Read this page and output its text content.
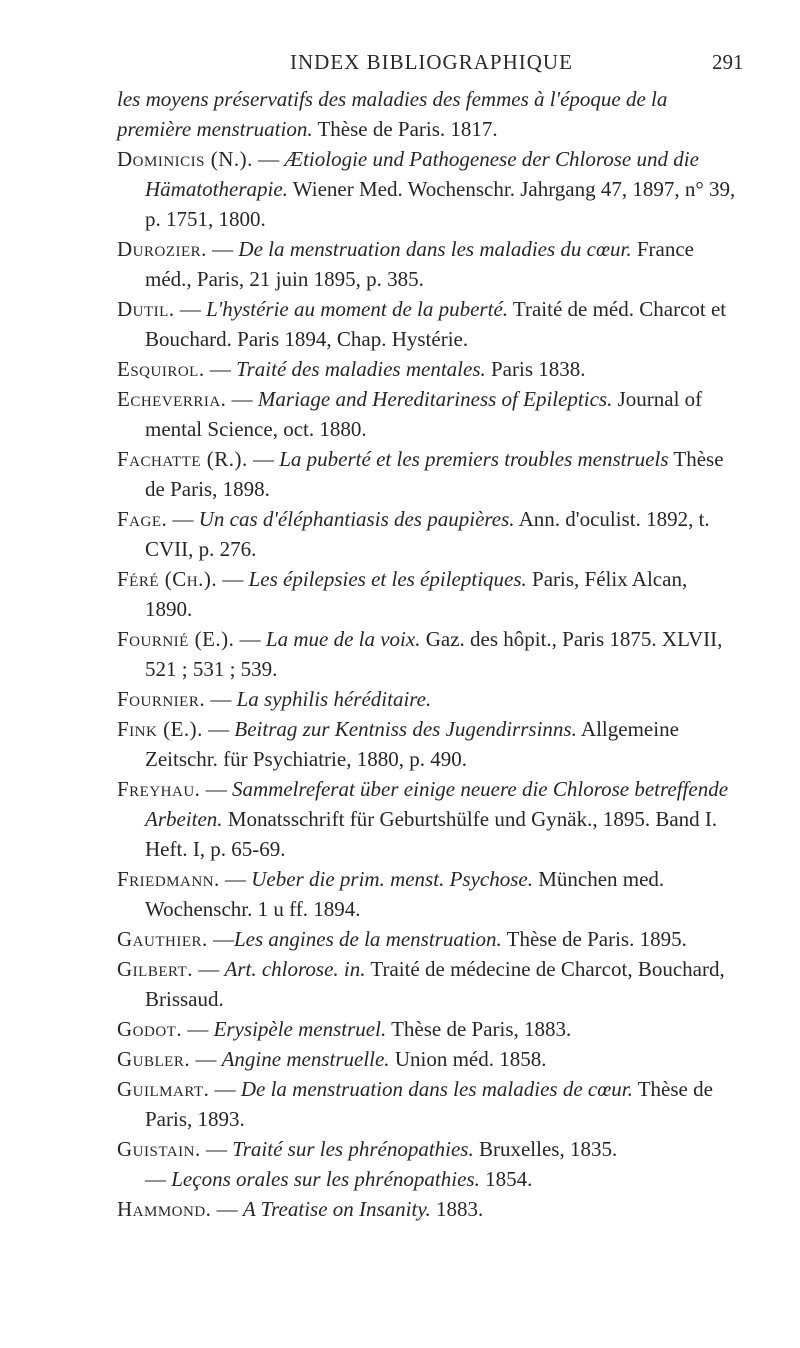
INDEX BIBLIOGRAPHIQUE	291

les moyens préservatifs des maladies des femmes à l'époque de la première menstruation. Thèse de Paris. 1817.

Dominicis (N.). — Ætiologie und Pathogenese der Chlorose und die Hämatotherapie. Wiener Med. Wochenschr. Jahrgang 47, 1897, n° 39, p. 1751, 1800.

Durozier. — De la menstruation dans les maladies du cœur. France méd., Paris, 21 juin 1895, p. 385.

Dutil. — L'hystérie au moment de la puberté. Traité de méd. Charcot et Bouchard. Paris 1894, Chap. Hystérie.

Esquirol. — Traité des maladies mentales. Paris 1838.

Echeverria. — Mariage and Hereditariness of Epileptics. Journal of mental Science, oct. 1880.

Fachatte (R.). — La puberté et les premiers troubles menstruels Thèse de Paris, 1898.

Fage. — Un cas d'éléphantiasis des paupières. Ann. d'oculist. 1892, t. CVII, p. 276.

Féré (Ch.). — Les épilepsies et les épileptiques. Paris, Félix Alcan, 1890.

Fournié (E.). — La mue de la voix. Gaz. des hôpit., Paris 1875. XLVII, 521 ; 531 ; 539.

Fournier. — La syphilis héréditaire.

Fink (E.). — Beitrag zur Kentniss des Jugendirrsinns. Allgemeine Zeitschr. für Psychiatrie, 1880, p. 490.

Freyhau. — Sammelreferat über einige neuere die Chlorose betreffende Arbeiten. Monatsschrift für Geburtshülfe und Gynäk., 1895. Band I. Heft. I, p. 65-69.

Friedmann. — Ueber die prim. menst. Psychose. München med. Wochenschr. 1 u ff. 1894.

Gauthier. —Les angines de la menstruation. Thèse de Paris. 1895.

Gilbert. — Art. chlorose. in. Traité de médecine de Charcot, Bouchard, Brissaud.

Godot. — Erysipèle menstruel. Thèse de Paris, 1883.

Gubler. — Angine menstruelle. Union méd. 1858.

Guilmart. — De la menstruation dans les maladies de cœur. Thèse de Paris, 1893.

Guistain. — Traité sur les phrénopathies. Bruxelles, 1835.

— Leçons orales sur les phrénopathies. 1854.

Hammond. — A Treatise on Insanity. 1883.
